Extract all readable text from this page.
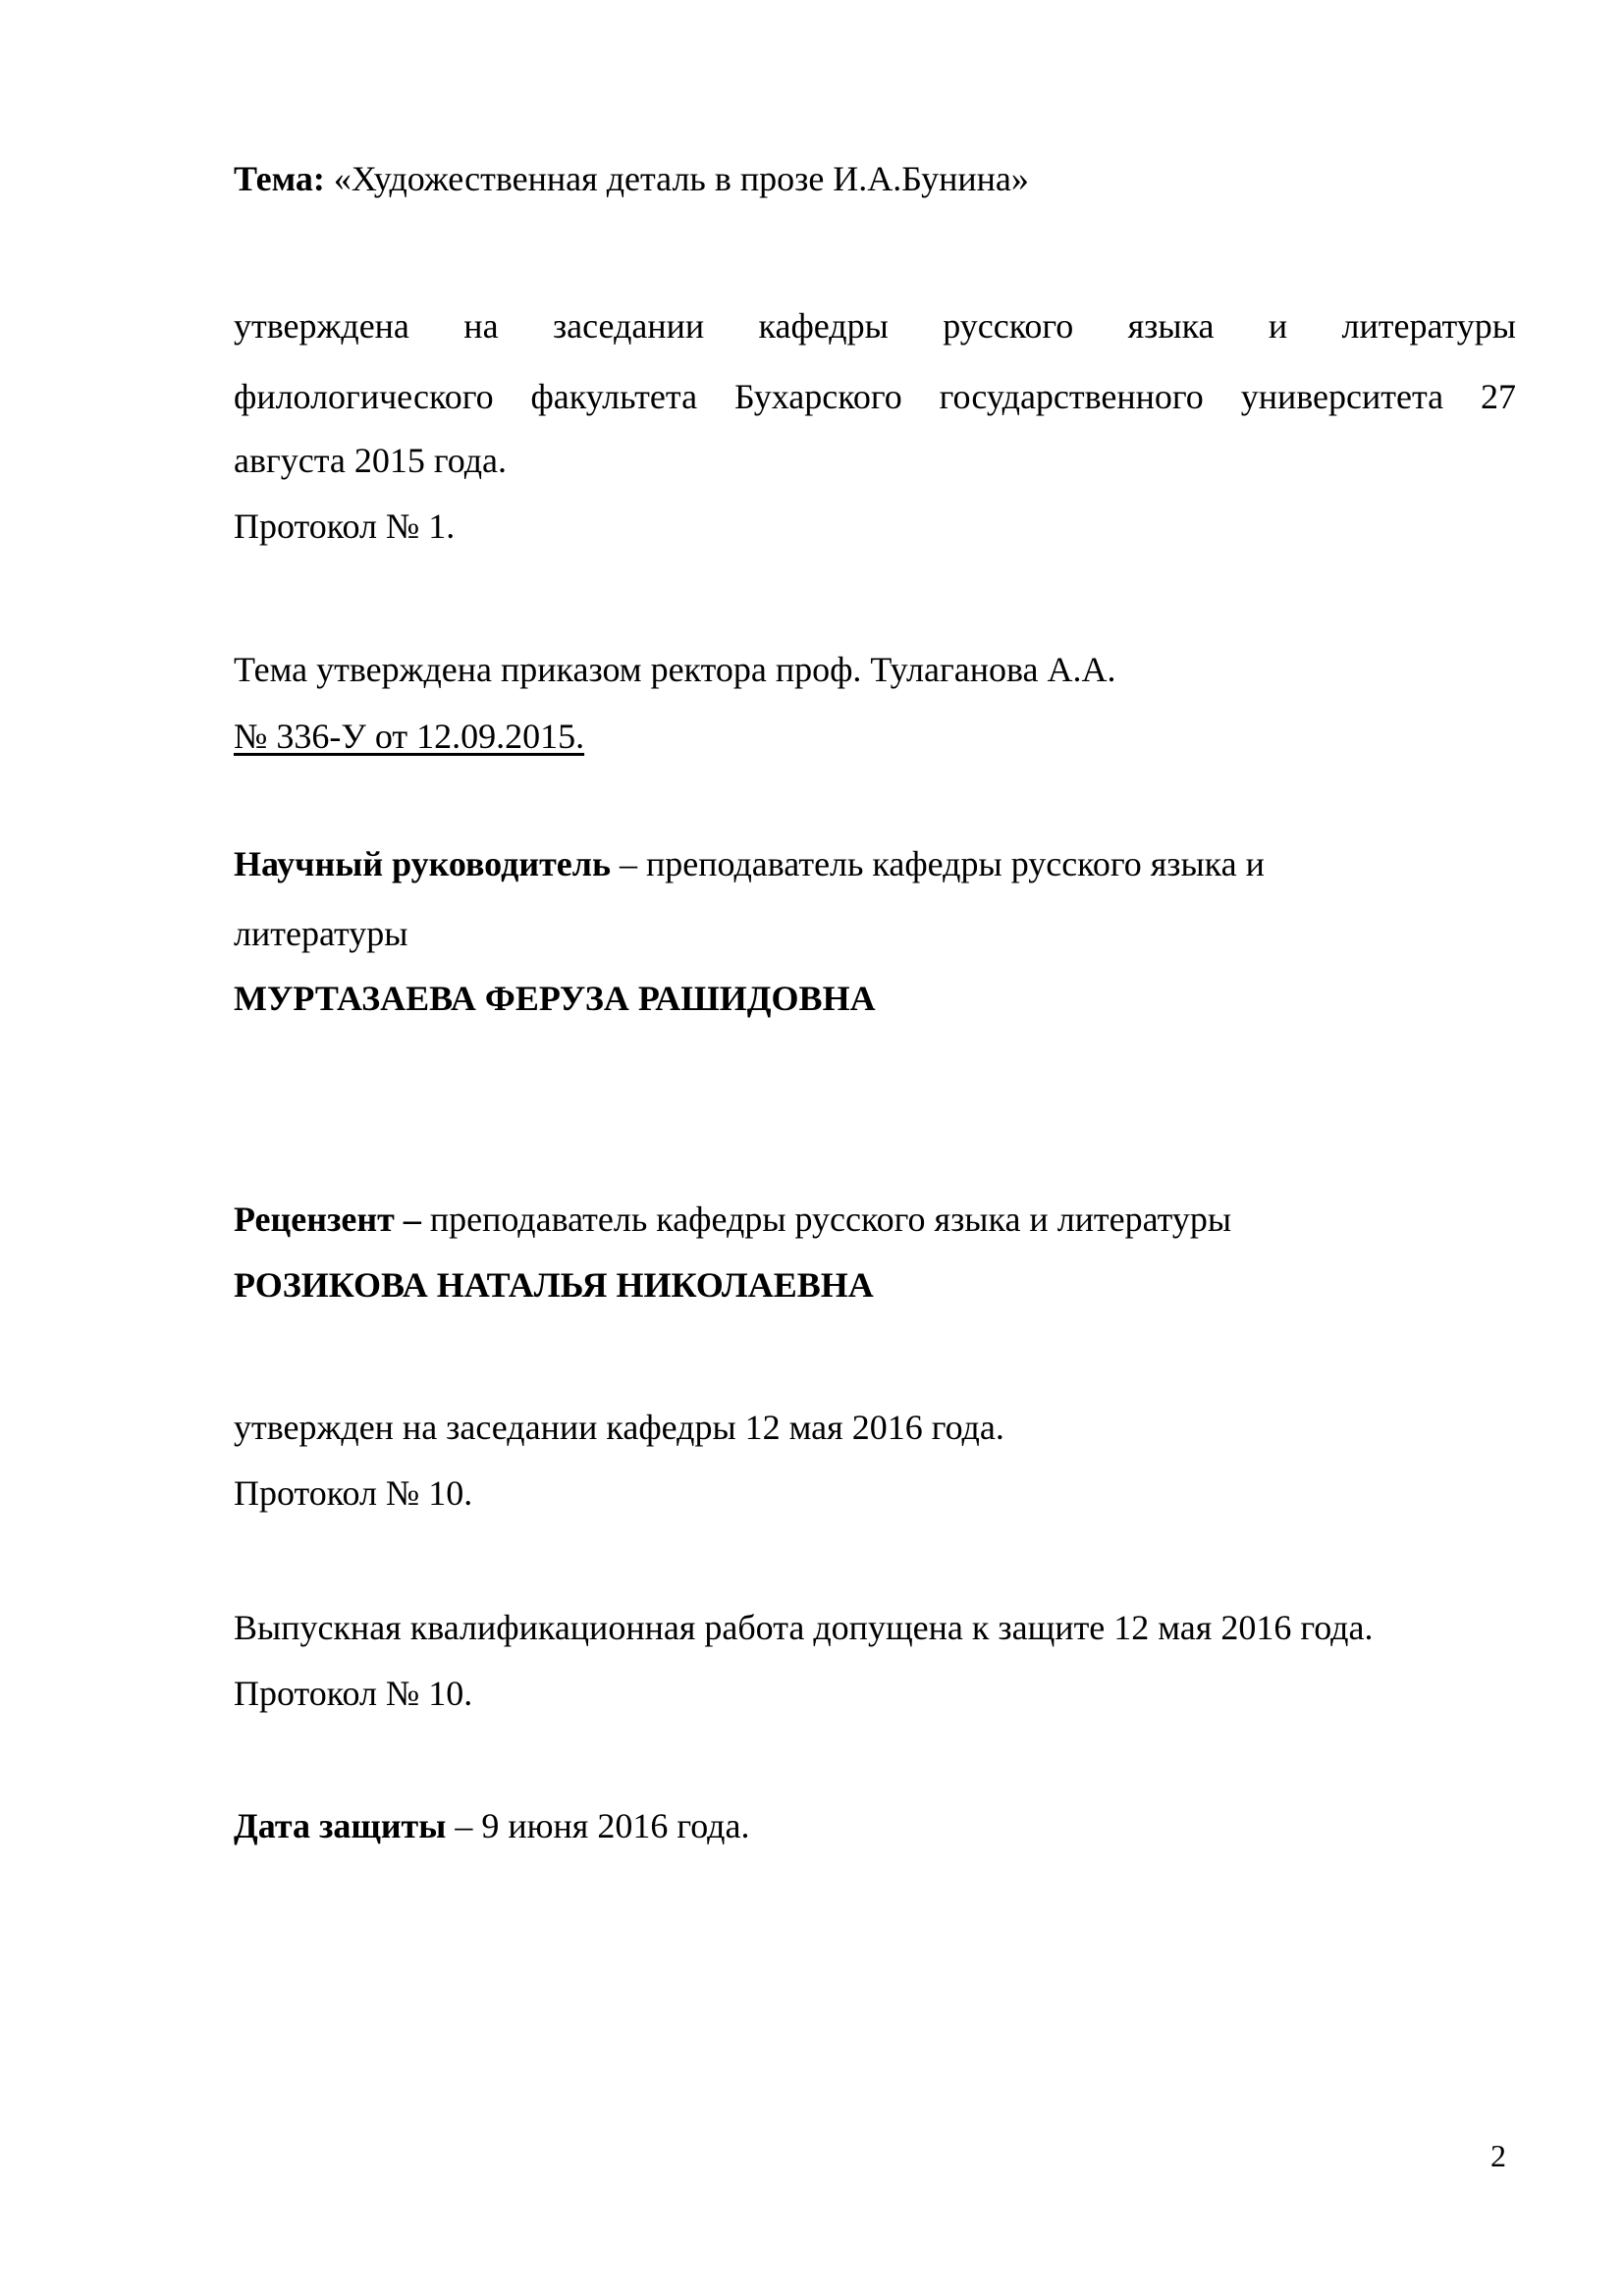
Тема: «Художественная деталь в прозе И.А.Бунина»
утверждена на заседании кафедры русского языка и литературы
филологического факультета Бухарского государственного университета 27
августа 2015 года.
Протокол № 1.
Тема утверждена приказом ректора проф. Тулаганова А.А.
№ 336-У от 12.09.2015.
Научный руководитель – преподаватель кафедры русского языка и
литературы
МУРТАЗАЕВА ФЕРУЗА РАШИДОВНА
Рецензент – преподаватель кафедры русского языка и литературы
РОЗИКОВА НАТАЛЬЯ НИКОЛАЕВНА
утвержден на заседании кафедры 12 мая 2016 года.
Протокол № 10.
Выпускная квалификационная работа допущена к защите 12 мая 2016 года.
Протокол № 10.
Дата защиты – 9 июня 2016 года.
2
